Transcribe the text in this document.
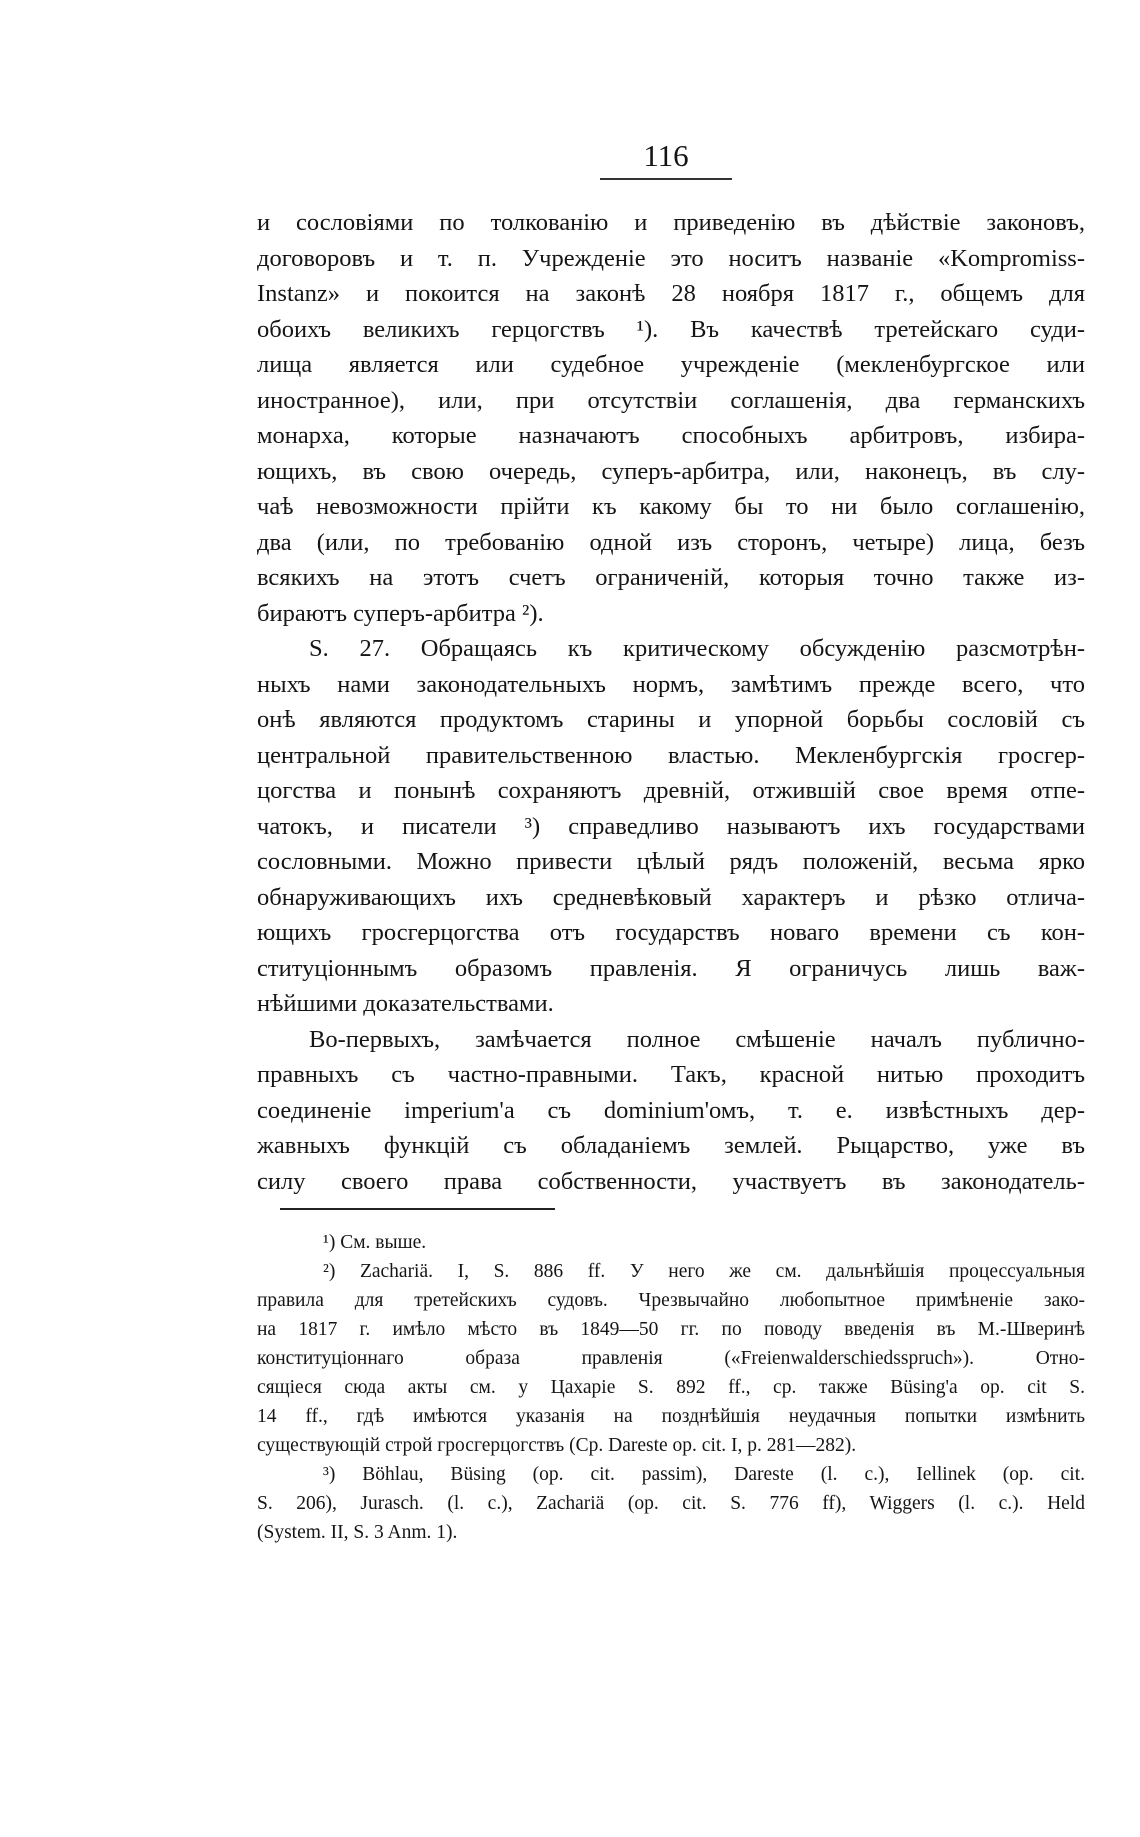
116
и сословіями по толкованію и приведенію въ дѣйствіе законовъ,
договоровъ и т. п. Учрежденіе это носитъ названіе «Kompromiss-
Instanz» и покоится на законѣ 28 ноября 1817 г., общемъ для
обоихъ великихъ герцогствъ ¹). Въ качествѣ третейскаго суди-
лища является или судебное учрежденіе (мекленбургское или
иностранное), или, при отсутствіи соглашенія, два германскихъ
монарха, которые назначаютъ способныхъ арбитровъ, избира-
ющихъ, въ свою очередь, суперъ-арбитра, или, наконецъ, въ слу-
чаѣ невозможности прійти къ какому бы то ни было соглашенію,
два (или, по требованію одной изъ сторонъ, четыре) лица, безъ
всякихъ на этотъ счетъ ограниченій, которыя точно также из-
бираютъ суперъ-арбитра ²).
S. 27. Обращаясь къ критическому обсужденію разсмотрѣн-
ныхъ нами законодательныхъ нормъ, замѣтимъ прежде всего, что
онѣ являются продуктомъ старины и упорной борьбы сословій съ
центральной правительственною властью. Мекленбургскія гросгер-
цогства и понынѣ сохраняютъ древній, отжившій свое время отпе-
чатокъ, и писатели ³) справедливо называютъ ихъ государствами
сословными. Можно привести цѣлый рядъ положеній, весьма ярко
обнаруживающихъ ихъ средневѣковый характеръ и рѣзко отлича-
ющихъ гросгерцогства отъ государствъ новаго времени съ кон-
ституціоннымъ образомъ правленія. Я ограничусь лишь важ-
нѣйшими доказательствами.
Во-первыхъ, замѣчается полное смѣшеніе началъ публично-
правныхъ съ частно-правными. Такъ, красной нитью проходитъ
соединеніе imperium'а съ dominium'омъ, т. е. извѣстныхъ дер-
жавныхъ функцій съ обладаніемъ землей. Рыцарство, уже въ
силу своего права собственности, участвуетъ въ законодатель-
¹) См. выше.
²) Zachariä. I, S. 886 ff. У него же см. дальнѣйшія процессуальныя
правила для третейскихъ судовъ. Чрезвычайно любопытное примѣненіе зако-
на 1817 г. имѣло мѣсто въ 1849—50 гг. по поводу введенія въ М.-Шверинѣ
конституціоннаго образа правленія («Freienwalderschiedsspruch»). Отно-
сящіеся сюда акты см. у Цахаріе S. 892 ff., ср. также Büsing'a op. cit S.
14 ff., гдѣ имѣются указанія на позднѣйшія неудачныя попытки измѣнить
существующій строй гросгерцогствъ (Ср. Dareste op. cit. I, p. 281—282).
³) Böhlau, Büsing (op. cit. passim), Dareste (l. c.), Iellinek (op. cit.
S. 206), Jurasch. (l. c.), Zachariä (op. cit. S. 776 ff), Wiggers (l. c.). Held
(System. II, S. 3 Anm. 1).
